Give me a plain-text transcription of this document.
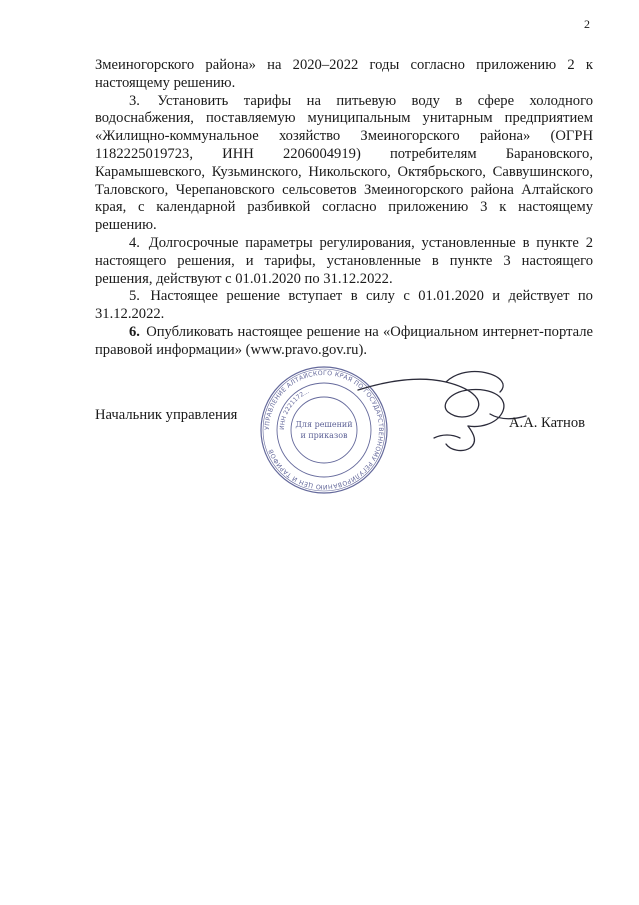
2

Змеиногорского района» на 2020–2022 годы согласно приложению 2 к настоящему решению.

3. Установить тарифы на питьевую воду в сфере холодного водоснабжения, поставляемую муниципальным унитарным предприятием «Жилищно-коммунальное хозяйство Змеиногорского района» (ОГРН 1182225019723, ИНН 2206004919) потребителям Барановского, Карамышевского, Кузьминского, Никольского, Октябрьского, Саввушинского, Таловского, Черепановского сельсоветов Змеиногорского района Алтайского края, с календарной разбивкой согласно приложению 3 к настоящему решению.

4. Долгосрочные параметры регулирования, установленные в пункте 2 настоящего решения, и тарифы, установленные в пункте 3 настоящего решения, действуют с 01.01.2020 по 31.12.2022.

5. Настоящее решение вступает в силу с 01.01.2020 и действует по 31.12.2022.

6. Опубликовать настоящее решение на «Официальном интернет-портале правовой информации» (www.pravo.gov.ru).

Начальник управления
УПРАВЛЕНИЕ АЛТАЙСКОГО КРАЯ ПО ГОСУДАРСТВЕННОМУ РЕГУЛИРОВАНИЮ ЦЕН И ТАРИФОВ
ИНН 2221172...
Для решений
и приказов
А.А. Катнов
